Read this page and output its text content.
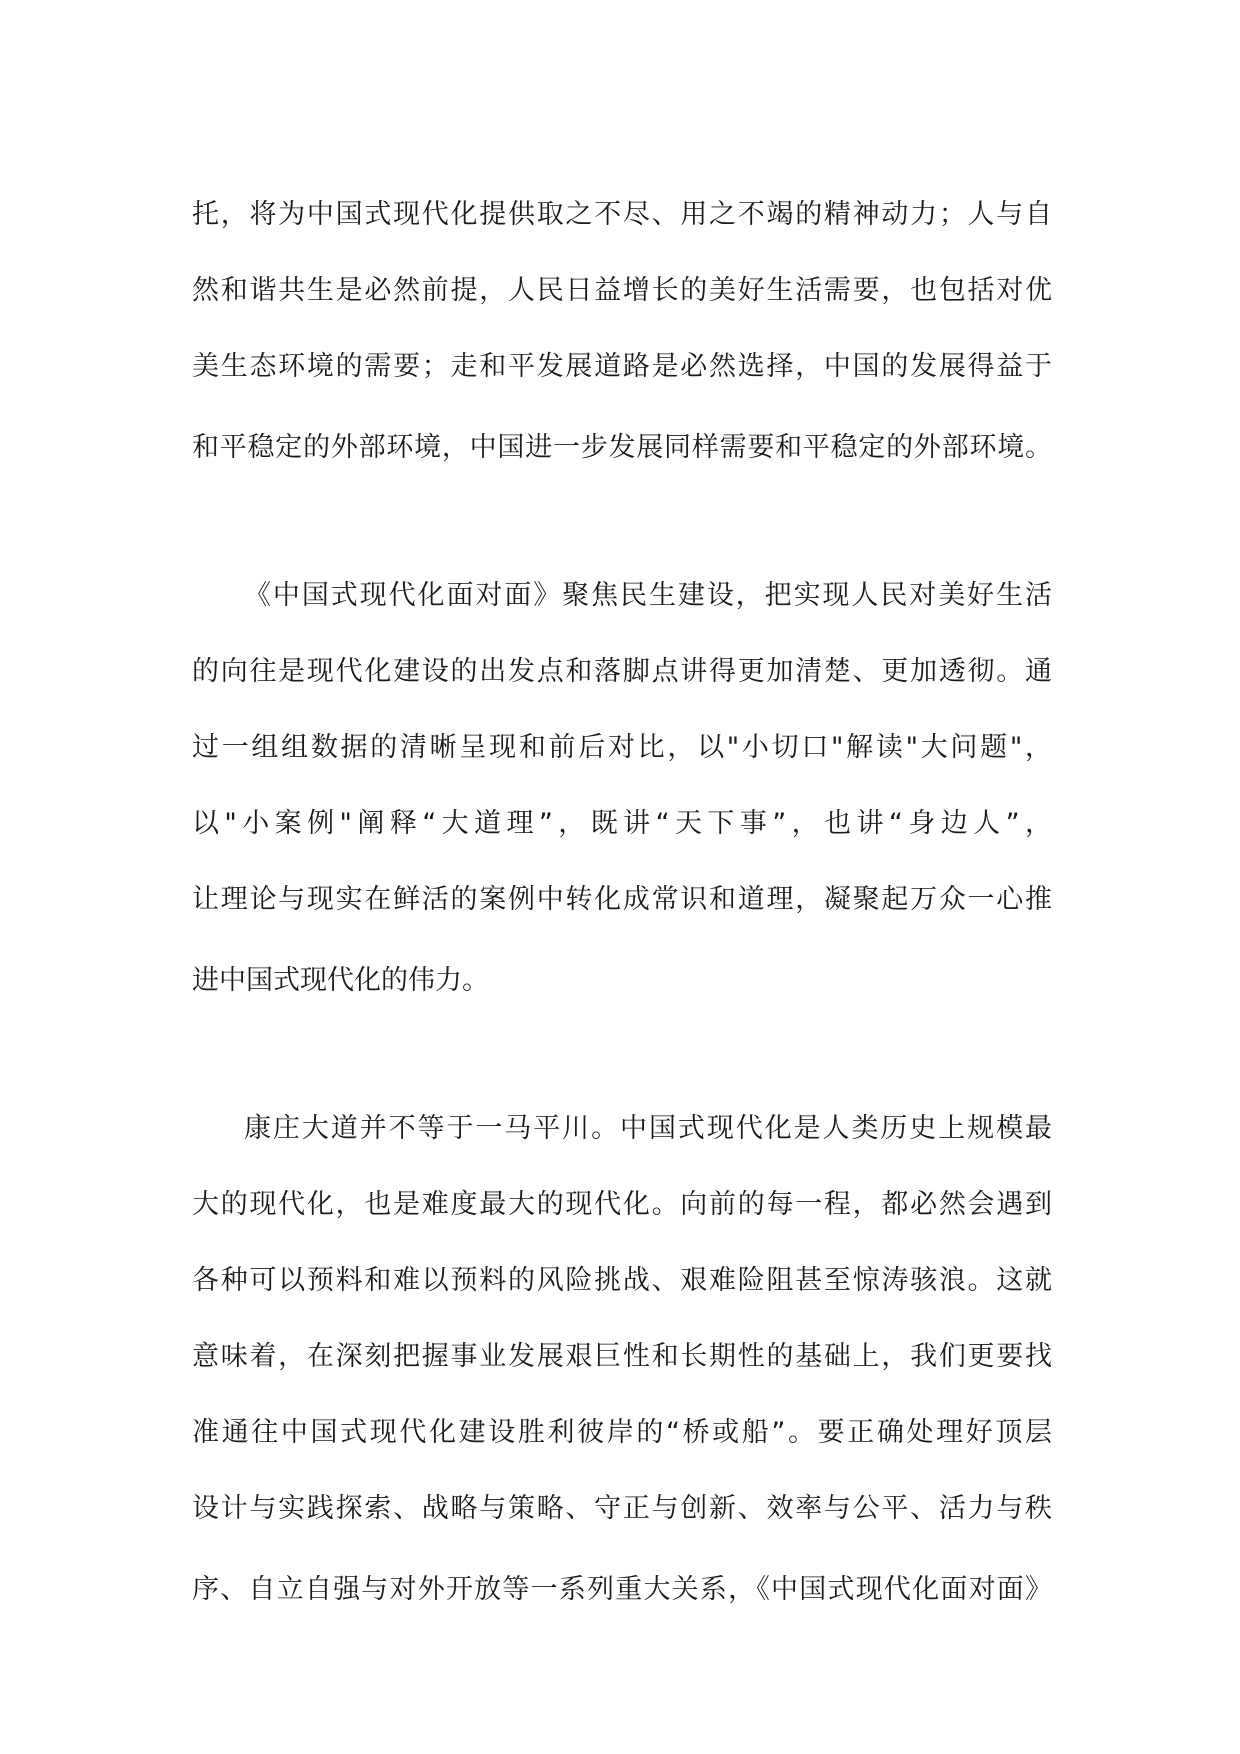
托，将为中国式现代化提供取之不尽、用之不竭的精神动力；人与自
然和谐共生是必然前提，人民日益增长的美好生活需要，也包括对优
美生态环境的需要；走和平发展道路是必然选择，中国的发展得益于
和平稳定的外部环境，中国进一步发展同样需要和平稳定的外部环境。
《中国式现代化面对面》聚焦民生建设，把实现人民对美好生活
的向往是现代化建设的出发点和落脚点讲得更加清楚、更加透彻。通
过一组组数据的清晰呈现和前后对比，以"小切口"解读"大问题"，
以"小案例"阐释“大道理”，既讲“天下事”，也讲“身边人”，
让理论与现实在鲜活的案例中转化成常识和道理，凝聚起万众一心推
进中国式现代化的伟力。
康庄大道并不等于一马平川。中国式现代化是人类历史上规模最
大的现代化，也是难度最大的现代化。向前的每一程，都必然会遇到
各种可以预料和难以预料的风险挑战、艰难险阻甚至惊涛骇浪。这就
意味着，在深刻把握事业发展艰巨性和长期性的基础上，我们更要找
准通往中国式现代化建设胜利彼岸的“桥或船”。要正确处理好顶层
设计与实践探索、战略与策略、守正与创新、效率与公平、活力与秩
序、自立自强与对外开放等一系列重大关系，《中国式现代化面对面》
